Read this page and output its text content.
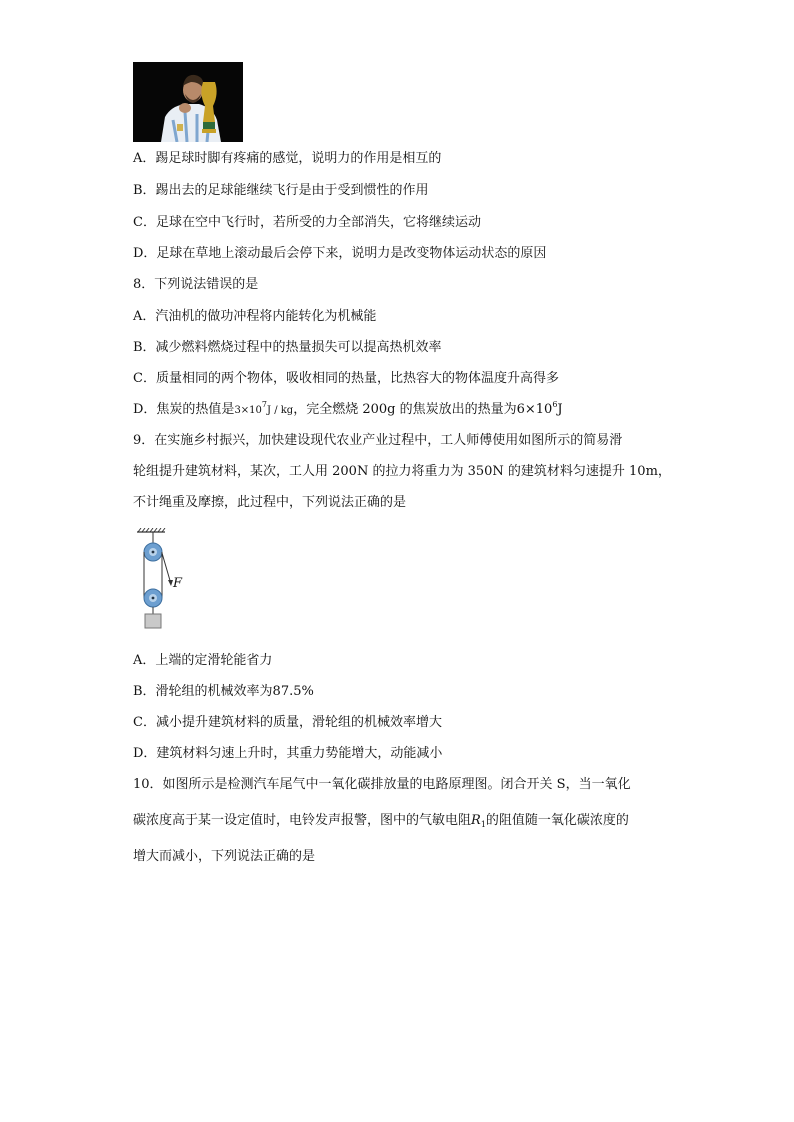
A．踢足球时脚有疼痛的感觉，说明力的作用是相互的
B．踢出去的足球能继续飞行是由于受到惯性的作用
C．足球在空中飞行时，若所受的力全部消失，它将继续运动
D．足球在草地上滚动最后会停下来，说明力是改变物体运动状态的原因
8．下列说法错误的是
A．汽油机的做功冲程将内能转化为机械能
B．减少燃料燃烧过程中的热量损失可以提高热机效率
C．质量相同的两个物体，吸收相同的热量，比热容大的物体温度升高得多
D．焦炭的热值是$3\times 10^7J$ / kg，完全燃烧 200g 的焦炭放出的热量为$6\times 10^6J$
9．在实施乡村振兴，加快建设现代农业产业过程中，工人师傅使用如图所示的简易滑
轮组提升建筑材料，某次，工人用 200N 的拉力将重力为 350N 的建筑材料匀速提升 10m，
不计绳重及摩擦，此过程中，下列说法正确的是
F
A．上端的定滑轮能省力
B．滑轮组的机械效率为87.5%
C．减小提升建筑材料的质量，滑轮组的机械效率增大
D．建筑材料匀速上升时，其重力势能增大，动能减小
10．如图所示是检测汽车尾气中一氧化碳排放量的电路原理图。闭合开关 S，当一氧化
碳浓度高于某一设定值时，电铃发声报警，图中的气敏电阻$R_1$的阻值随一氧化碳浓度的
增大而减小，下列说法正确的是
